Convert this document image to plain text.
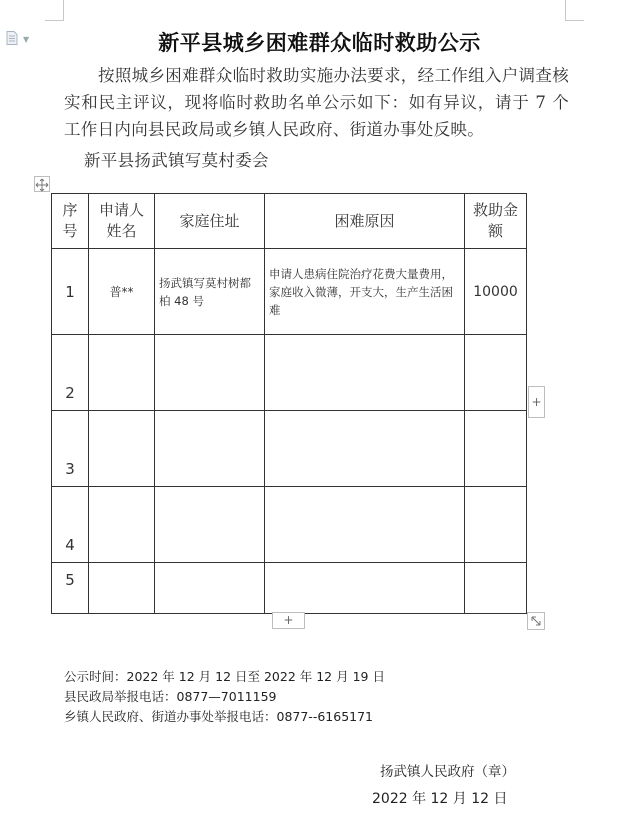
▼	新平县城乡困难群众临时救助公示
按照城乡困难群众临时救助实施办法要求，经工作组入户调查核实和民主评议，现将临时救助名单公示如下：如有异议，请于 7 个工作日内向县民政局或乡镇人民政府、街道办事处反映。
新平县扬武镇写莫村委会
序号	申请人姓名	家庭住址	困难原因	救助金额
1	普**	扬武镇写莫村树都柏 48 号	申请人患病住院治疗花费大量费用，家庭收入微薄，开支大，生产生活困难	10000
2				
3				
4				
5				
+
+
公示时间：2022 年 12 月 12 日至 2022 年 12 月 19 日
县民政局举报电话：0877—7011159
乡镇人民政府、街道办事处举报电话：0877--6165171
扬武镇人民政府（章）
2022 年 12 月 12 日
